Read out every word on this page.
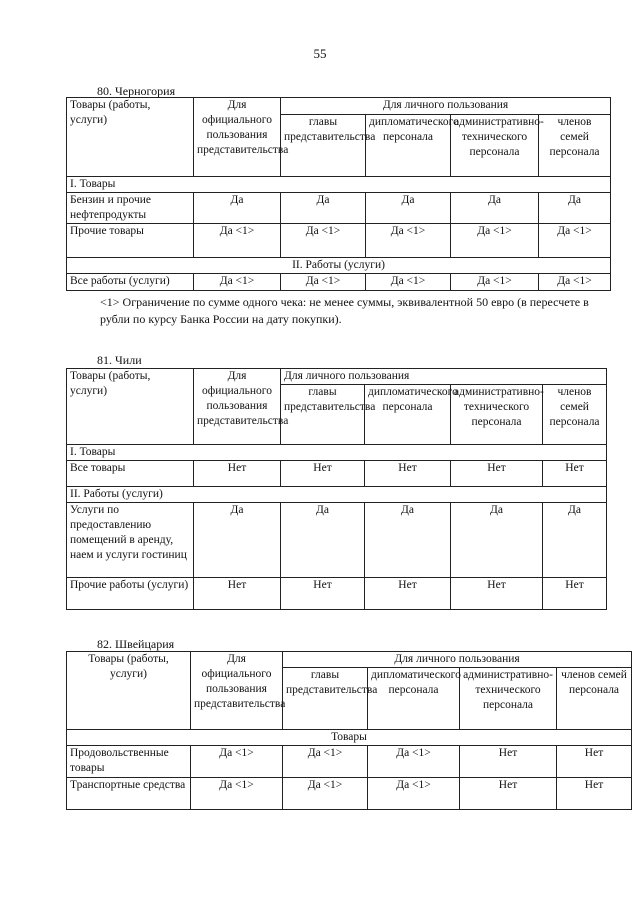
55
80. Черногория
Товары (работы, услуги)	Для официального пользования представительства	Для личного пользования			
		главы представительства	дипломатического персонала	административно-технического персонала	членов семей персонала
I. Товары					
Бензин и прочие нефтепродукты	Да	Да	Да	Да	Да
Прочие товары	Да <1>	Да <1>	Да <1>	Да <1>	Да <1>
II. Работы (услуги)					
Все работы (услуги)	Да <1>	Да <1>	Да <1>	Да <1>	Да <1>
<1> Ограничение по сумме одного чека: не менее суммы, эквивалентной 50 евро (в пересчете в рубли по курсу Банка России на дату покупки).
81. Чили
Товары (работы, услуги)	Для официального пользования представительства	Для личного пользования			
		главы представительства	дипломатического персонала	административно-технического персонала	членов семей персонала
I. Товары					
Все товары	Нет	Нет	Нет	Нет	Нет
II. Работы (услуги)					
Услуги по предоставлению помещений в аренду, наем и услуги гостиниц	Да	Да	Да	Да	Да
Прочие работы (услуги)	Нет	Нет	Нет	Нет	Нет
82. Швейцария
Товары (работы, услуги)	Для официального пользования представительства	Для личного пользования			
		главы представительства	дипломатического персонала	административно-технического персонала	членов семей персонала
Товары					
Продовольственные товары	Да <1>	Да <1>	Да <1>	Нет	Нет
Транспортные средства	Да <1>	Да <1>	Да <1>	Нет	Нет
